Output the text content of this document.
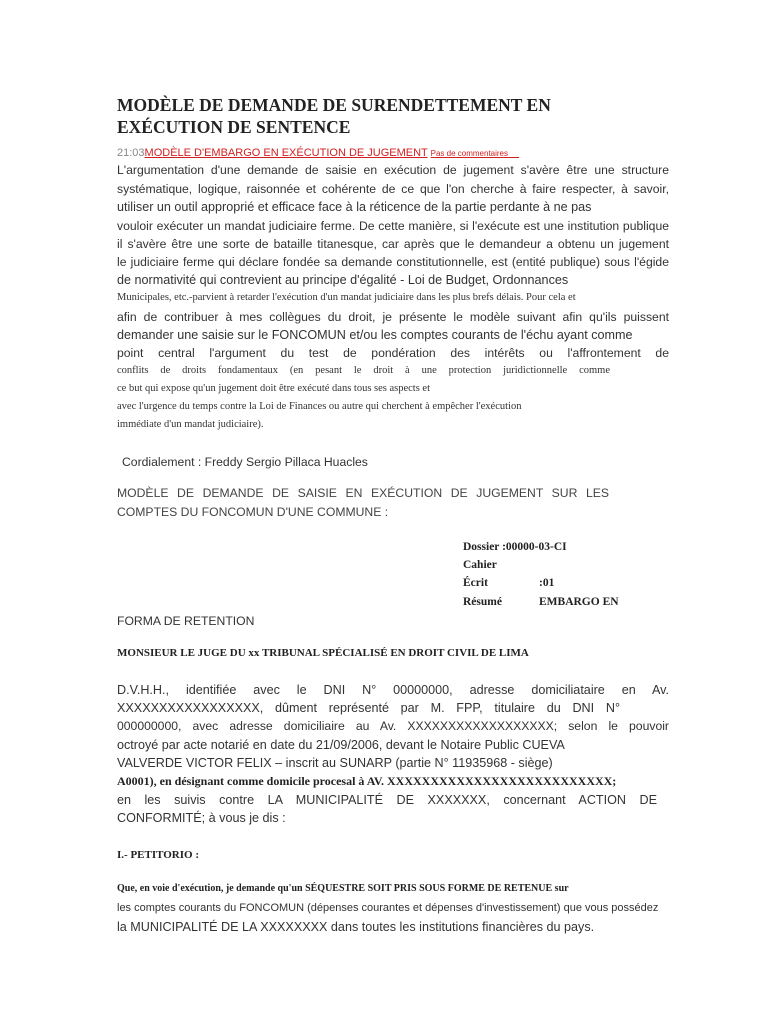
MODÈLE DE DEMANDE DE SURENDETTEMENT EN EXÉCUTION DE SENTENCE
21:03MODÈLE D'EMBARGO EN EXÉCUTION DE JUGEMENT Pas de commentaires
L'argumentation d'une demande de saisie en exécution de jugement s'avère être une structure
systématique, logique, raisonnée et cohérente de ce que l'on cherche à faire respecter, à savoir,
utiliser un outil approprié et efficace face à la réticence de la partie perdante à ne pas
vouloir exécuter un mandat judiciaire ferme. De cette manière, si l'exécute est une institution publique
il s'avère être une sorte de bataille titanesque, car après que le demandeur a obtenu un jugement
le judiciaire ferme qui déclare fondée sa demande constitutionnelle, est (entité publique) sous l'égide
de normativité qui contrevient au principe d'égalité - Loi de Budget, Ordonnances
Municipales, etc.-parvient à retarder l'exécution d'un mandat judiciaire dans les plus brefs délais. Pour cela et
afin de contribuer à mes collègues du droit, je présente le modèle suivant afin qu'ils puissent
demander une saisie sur le FONCOMUN et/ou les comptes courants de l'échu ayant comme
point central l'argument du test de pondération des intérêts ou l'affrontement de
conflits de droits fondamentaux (en pesant le droit à une protection juridictionnelle comme
ce but qui expose qu'un jugement doit être exécuté dans tous ses aspects et
avec l'urgence du temps contre la Loi de Finances ou autre qui cherchent à empêcher l'exécution
immédiate d'un mandat judiciaire).
Cordialement : Freddy Sergio Pillaca Huacles
MODÈLE DE DEMANDE DE SAISIE EN EXÉCUTION DE JUGEMENT SUR LES
COMPTES DU FONCOMUN D'UNE COMMUNE :
Dossier :00000-03-CI
Cahier
Écrit	:01
Résumé	EMBARGO EN
FORMA DE RETENTION
MONSIEUR LE JUGE DU xx TRIBUNAL SPÉCIALISÉ EN DROIT CIVIL DE LIMA
D.V.H.H., identifiée avec le DNI N° 00000000, adresse domiciliataire en Av.
XXXXXXXXXXXXXXXXX, dûment représenté par M. FPP, titulaire du DNI N°
000000000, avec adresse domiciliaire au Av. XXXXXXXXXXXXXXXXXX; selon le pouvoir
octroyé par acte notarié en date du 21/09/2006, devant le Notaire Public CUEVA
VALVERDE VICTOR FELIX – inscrit au SUNARP (partie N° 11935968 - siège)
A0001), en désignant comme domicile procesal à AV. XXXXXXXXXXXXXXXXXXXXXXXXXX;
en les suivis contre LA MUNICIPALITÉ DE XXXXXXX, concernant ACTION DE
CONFORMITÉ; à vous je dis :
I.- PETITORIO :
Que, en voie d'exécution, je demande qu'un SÉQUESTRE SOIT PRIS SOUS FORME DE RETENUE sur
les comptes courants du FONCOMUN (dépenses courantes et dépenses d'investissement) que vous possédez
la MUNICIPALITÉ DE LA XXXXXXXX dans toutes les institutions financières du pays.
